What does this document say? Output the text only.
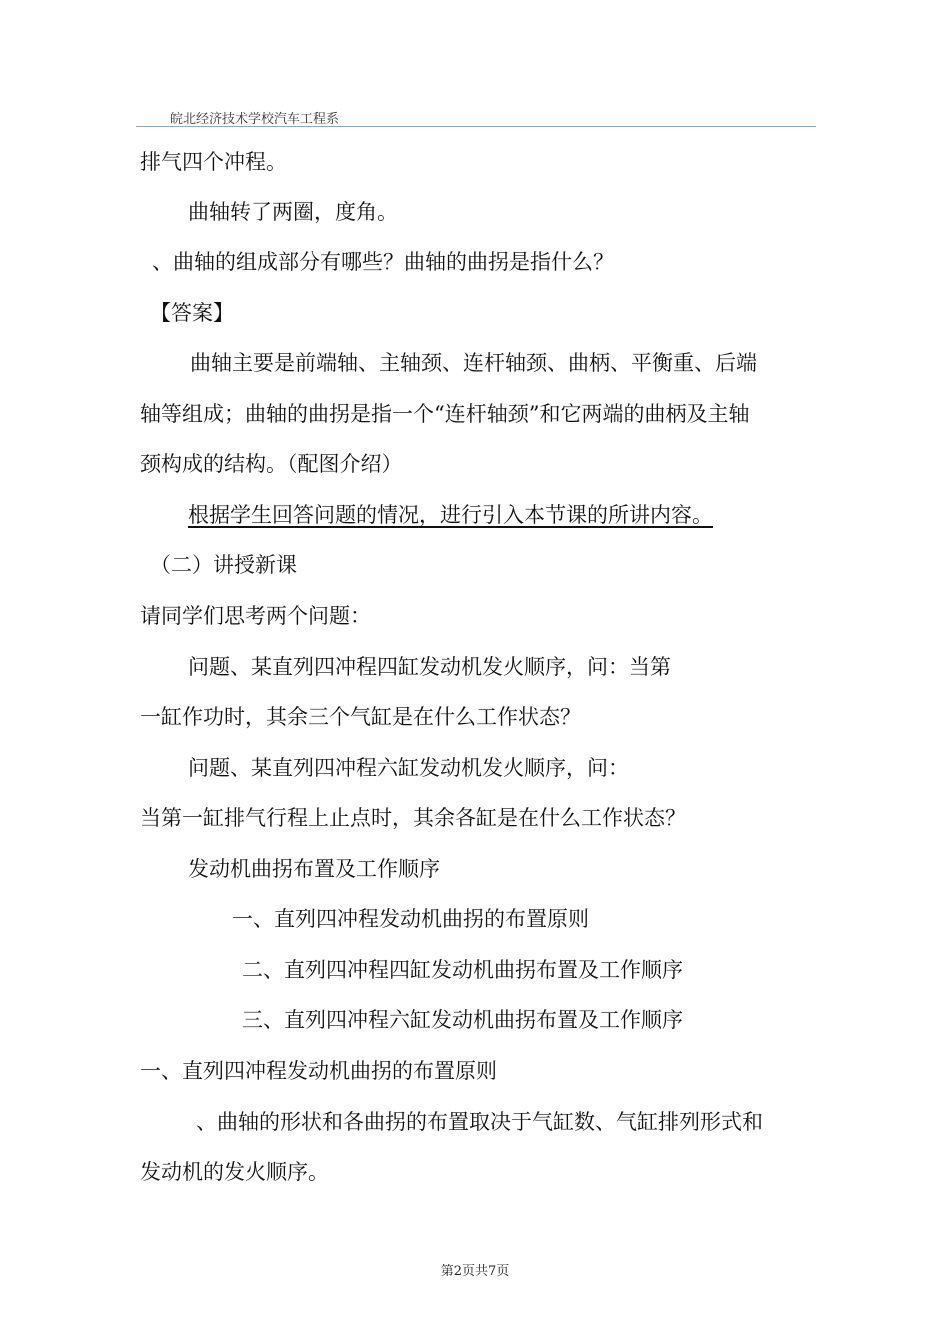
皖北经济技术学校汽车工程系
排气四个冲程。
曲轴转了两圈，度角。
、曲轴的组成部分有哪些？曲轴的曲拐是指什么？
【答案】
曲轴主要是前端轴、主轴颈、连杆轴颈、曲柄、平衡重、后端
轴等组成；曲轴的曲拐是指一个“连杆轴颈”和它两端的曲柄及主轴
颈构成的结构。（配图介绍）
根据学生回答问题的情况，进行引入本节课的所讲内容。
（二）讲授新课
请同学们思考两个问题：
问题、某直列四冲程四缸发动机发火顺序，问：当第
一缸作功时，其余三个气缸是在什么工作状态？
问题、某直列四冲程六缸发动机发火顺序，问：
当第一缸排气行程上止点时，其余各缸是在什么工作状态？
发动机曲拐布置及工作顺序
一、直列四冲程发动机曲拐的布置原则
二、直列四冲程四缸发动机曲拐布置及工作顺序
三、直列四冲程六缸发动机曲拐布置及工作顺序
一、直列四冲程发动机曲拐的布置原则
、曲轴的形状和各曲拐的布置取决于气缸数、气缸排列形式和
发动机的发火顺序。
第2页共7页
